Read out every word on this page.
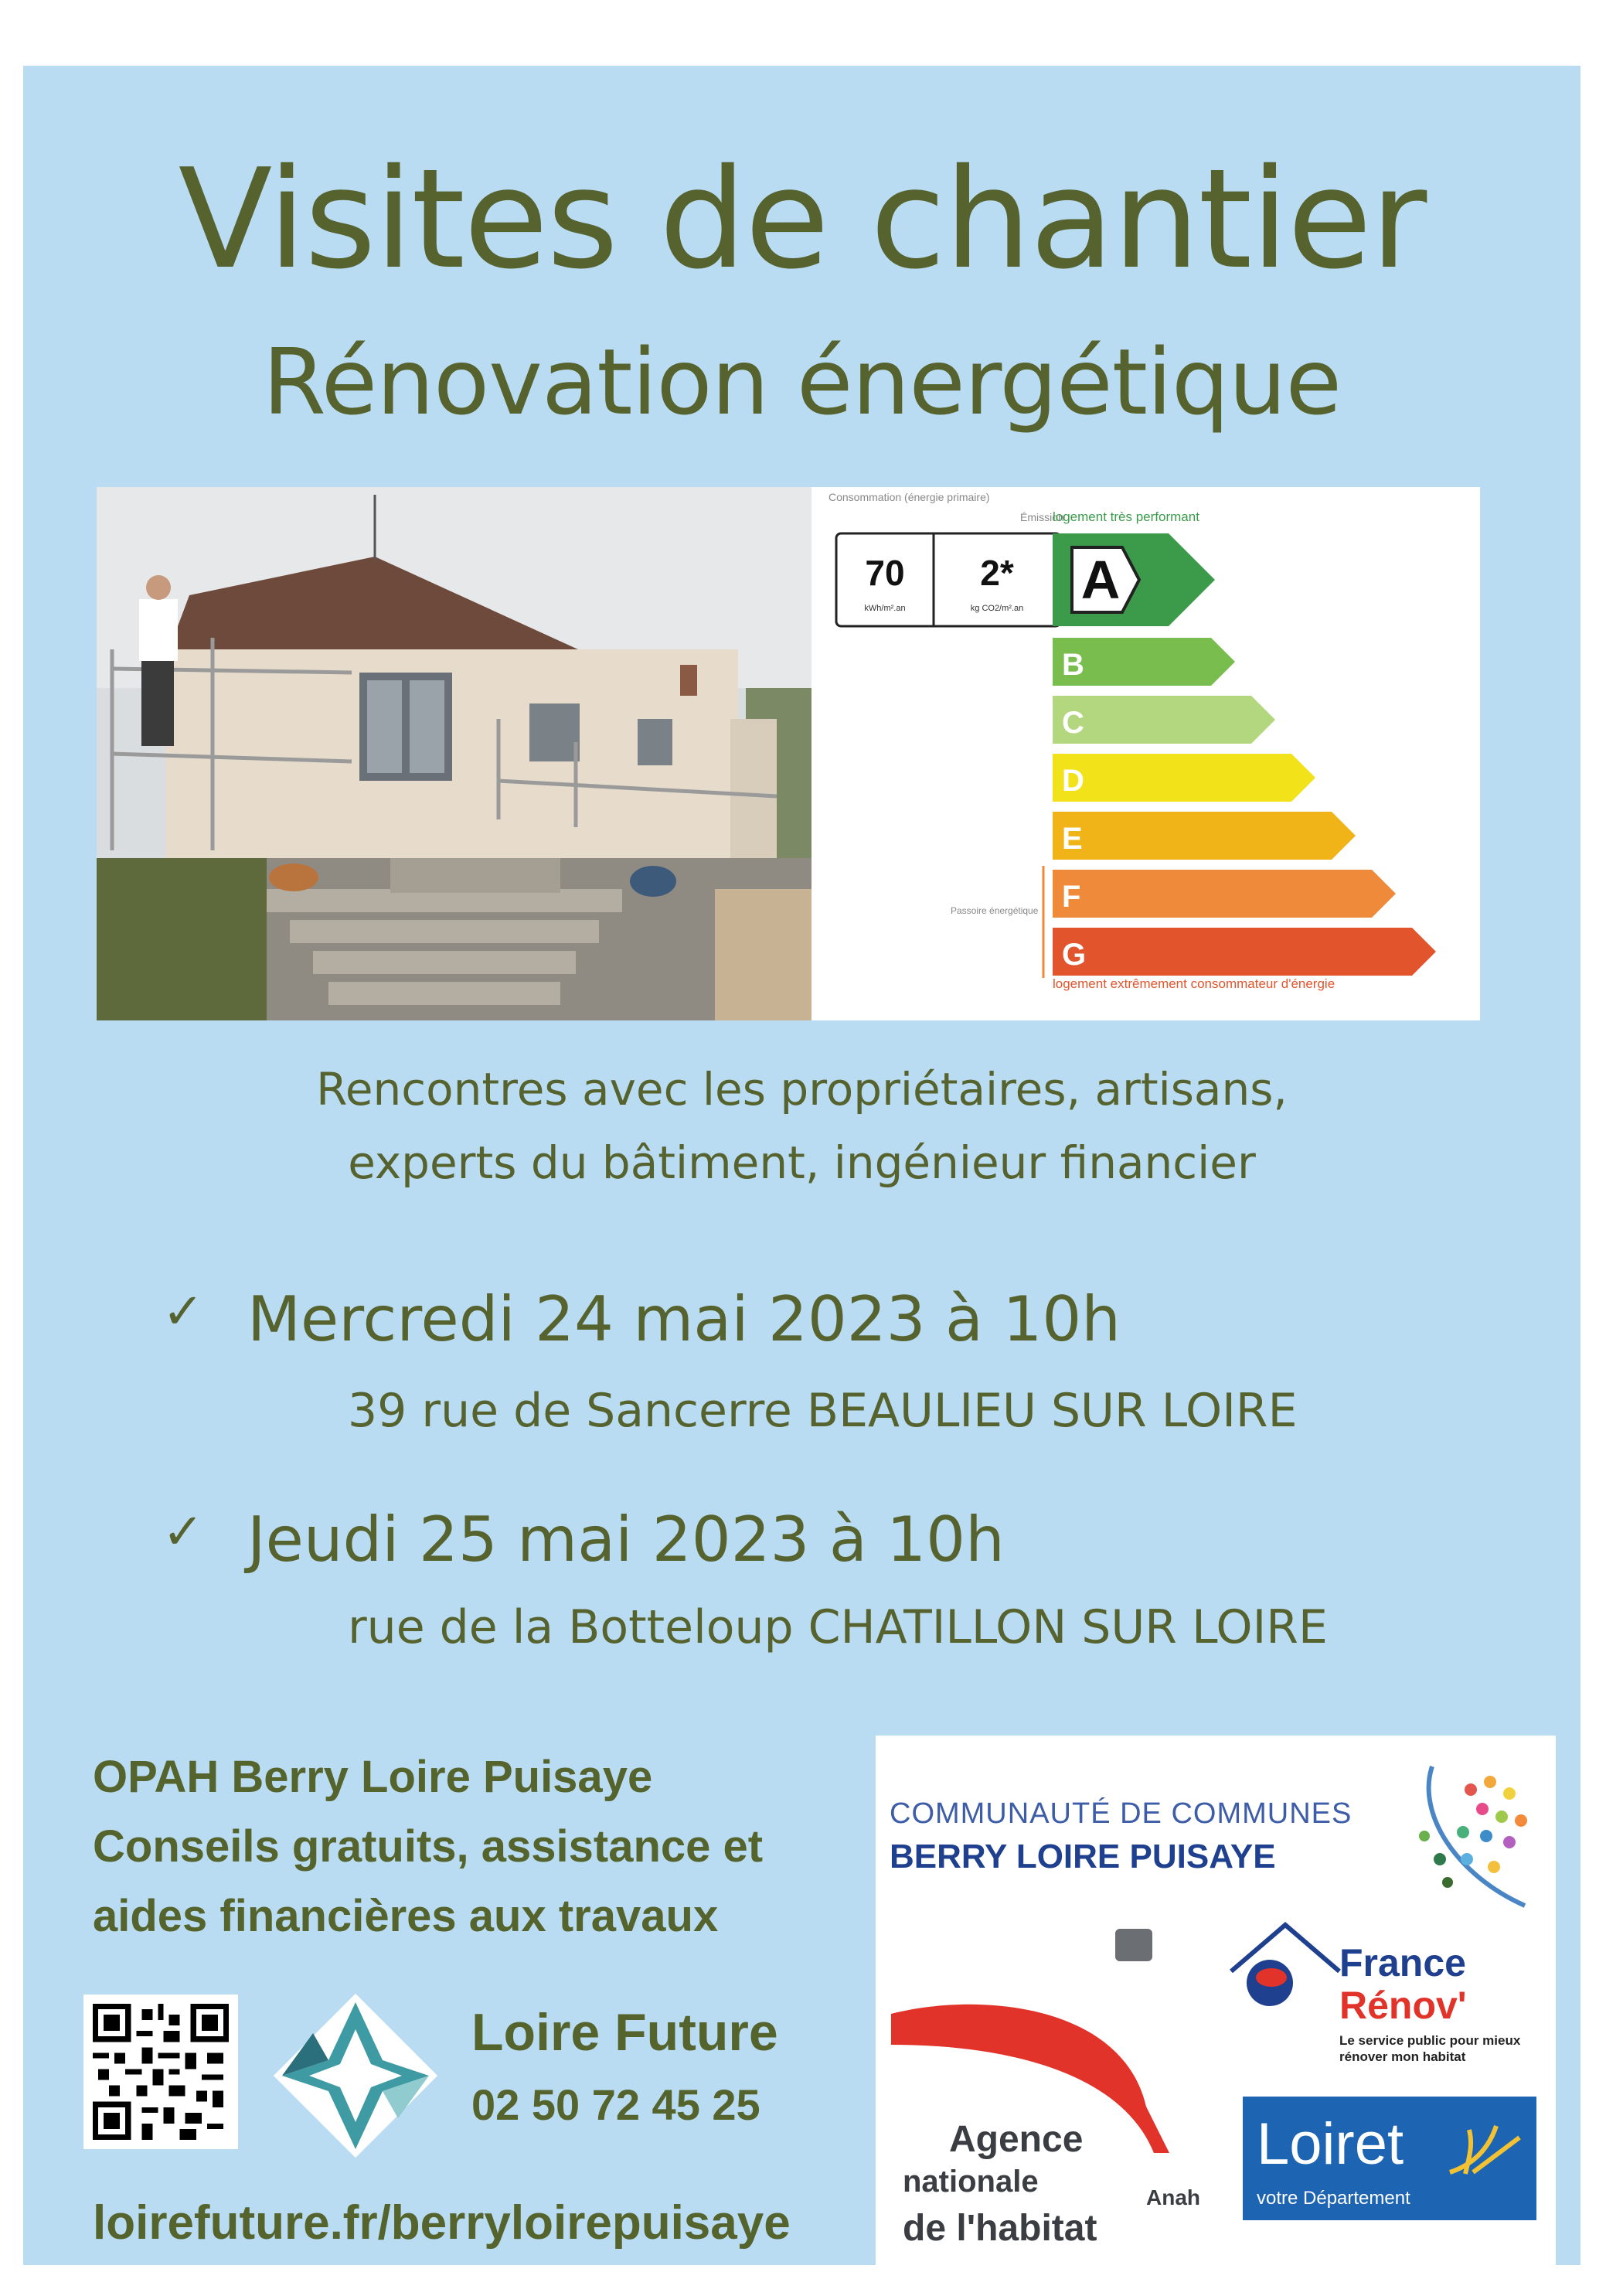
Visites de chantier
Rénovation énergétique
Consommation (énergie primaire)
Émission
logement très performant
70
kWh/m².an
2*
kg CO2/m².an A
B
C
D
E
F
G
Passoire énergétique
logement extrêmement consommateur d'énergie
Rencontres avec les propriétaires, artisans,
experts du bâtiment, ingénieur financier
✓ Mercredi 24 mai 2023 à 10h
39 rue de Sancerre BEAULIEU SUR LOIRE
✓ Jeudi 25 mai 2023 à 10h
rue de la Botteloup CHATILLON SUR LOIRE
OPAH Berry Loire Puisaye
Conseils gratuits, assistance et
aides financières aux travaux
Loire Future
02 50 72 45 25
loirefuture.fr/berryloirepuisaye
COMMUNAUTÉ DE COMMUNES
BERRY LOIRE PUISAYE
Agence
nationale	Anah
de l'habitat
France
Rénov'
Le service public pour mieux
rénover mon habitat
Loiret
votre Département
